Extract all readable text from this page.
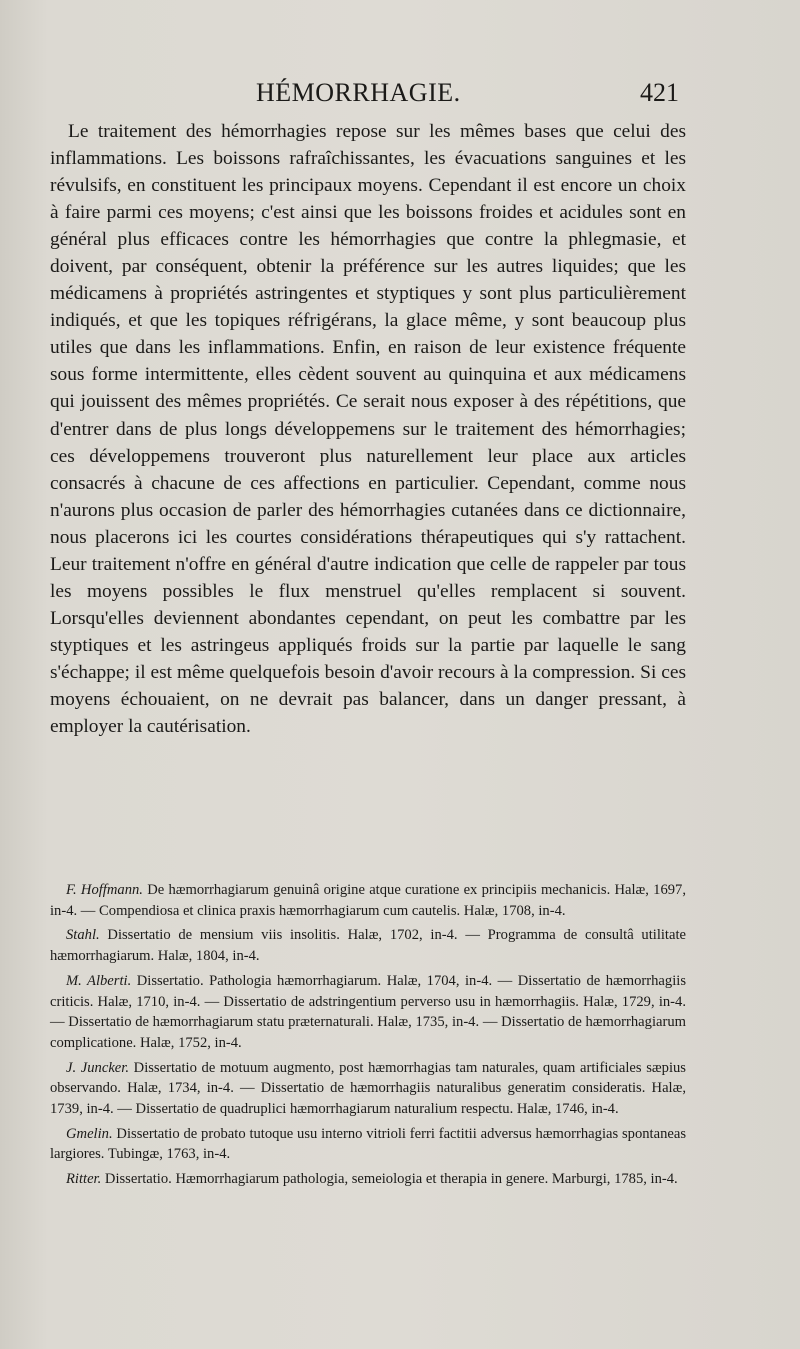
HÉMORRHAGIE.	421

Le traitement des hémorrhagies repose sur les mêmes bases que celui des inflammations. Les boissons rafraîchissantes, les évacuations sanguines et les révulsifs, en constituent les principaux moyens. Cependant il est encore un choix à faire parmi ces moyens; c'est ainsi que les boissons froides et acidules sont en général plus efficaces contre les hémorrhagies que contre la phlegmasie, et doivent, par conséquent, obtenir la préférence sur les autres liquides; que les médicamens à propriétés astringentes et styptiques y sont plus particulièrement indiqués, et que les topiques réfrigérans, la glace même, y sont beaucoup plus utiles que dans les inflammations. Enfin, en raison de leur existence fréquente sous forme intermittente, elles cèdent souvent au quinquina et aux médicamens qui jouissent des mêmes propriétés. Ce serait nous exposer à des répétitions, que d'entrer dans de plus longs développemens sur le traitement des hémorrhagies; ces développemens trouveront plus naturellement leur place aux articles consacrés à chacune de ces affections en particulier. Cependant, comme nous n'aurons plus occasion de parler des hémorrhagies cutanées dans ce dictionnaire, nous placerons ici les courtes considérations thérapeutiques qui s'y rattachent. Leur traitement n'offre en général d'autre indication que celle de rappeler par tous les moyens possibles le flux menstruel qu'elles remplacent si souvent. Lorsqu'elles deviennent abondantes cependant, on peut les combattre par les styptiques et les astringeus appliqués froids sur la partie par laquelle le sang s'échappe; il est même quelquefois besoin d'avoir recours à la compression. Si ces moyens échouaient, on ne devrait pas balancer, dans un danger pressant, à employer la cautérisation.

F. Hoffmann. De hæmorrhagiarum genuinâ origine atque curatione ex principiis mechanicis. Halæ, 1697, in-4. — Compendiosa et clinica praxis hæmorrhagiarum cum cautelis. Halæ, 1708, in-4.

Stahl. Dissertatio de mensium viis insolitis. Halæ, 1702, in-4. — Programma de consultâ utilitate hæmorrhagiarum. Halæ, 1804, in-4.

M. Alberti. Dissertatio. Pathologia hæmorrhagiarum. Halæ, 1704, in-4. — Dissertatio de hæmorrhagiis criticis. Halæ, 1710, in-4. — Dissertatio de adstringentium perverso usu in hæmorrhagiis. Halæ, 1729, in-4. — Dissertatio de hæmorrhagiarum statu præternaturali. Halæ, 1735, in-4. — Dissertatio de hæmorrhagiarum complicatione. Halæ, 1752, in-4.

J. Juncker. Dissertatio de motuum augmento, post hæmorrhagias tam naturales, quam artificiales sæpius observando. Halæ, 1734, in-4. — Dissertatio de hæmorrhagiis naturalibus generatim consideratis. Halæ, 1739, in-4. — Dissertatio de quadruplici hæmorrhagiarum naturalium respectu. Halæ, 1746, in-4.

Gmelin. Dissertatio de probato tutoque usu interno vitrioli ferri factitii adversus hæmorrhagias spontaneas largiores. Tubingæ, 1763, in-4.

Ritter. Dissertatio. Hæmorrhagiarum pathologia, semeiologia et therapia in genere. Marburgi, 1785, in-4.
